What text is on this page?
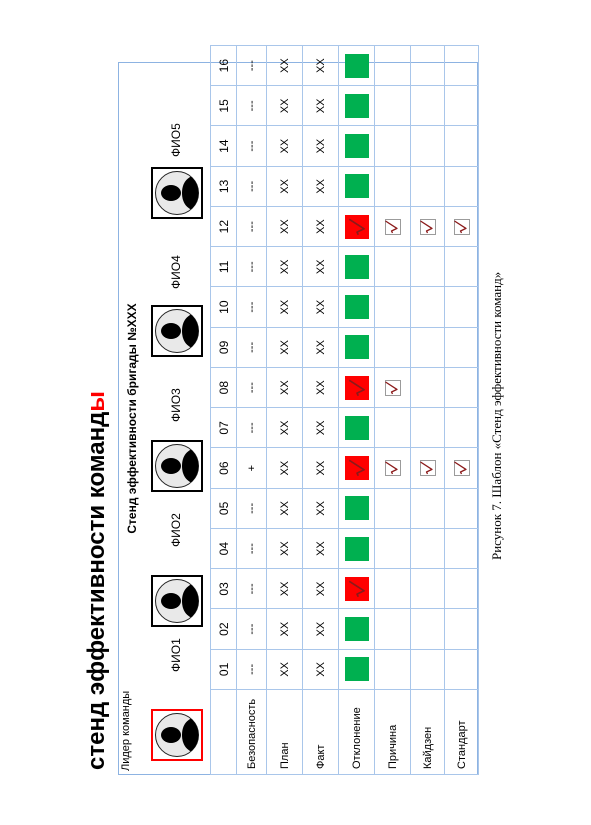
стенд эффективности команды
Лидер команды
Стенд эффективности бригады №XXX
ФИО1
ФИО2
ФИО3
ФИО4
ФИО5
	01	02	03	04	05	06	07	08	09	10	11	12	13	14	15	16
Безопасность	---	---	---	---	---	+	---	---	---	---	---	---	---	---	---	---
План	XX	XX	XX	XX	XX	XX	XX	XX	XX	XX	XX	XX	XX	XX	XX	XX
Факт	XX	XX	XX	XX	XX	XX	XX	XX	XX	XX	XX	XX	XX	XX	XX	XX
Отклонение	

Причина						

Кайдзен						

Стандарт						

Рисунок 7. Шаблон «Стенд эффективности команд»
